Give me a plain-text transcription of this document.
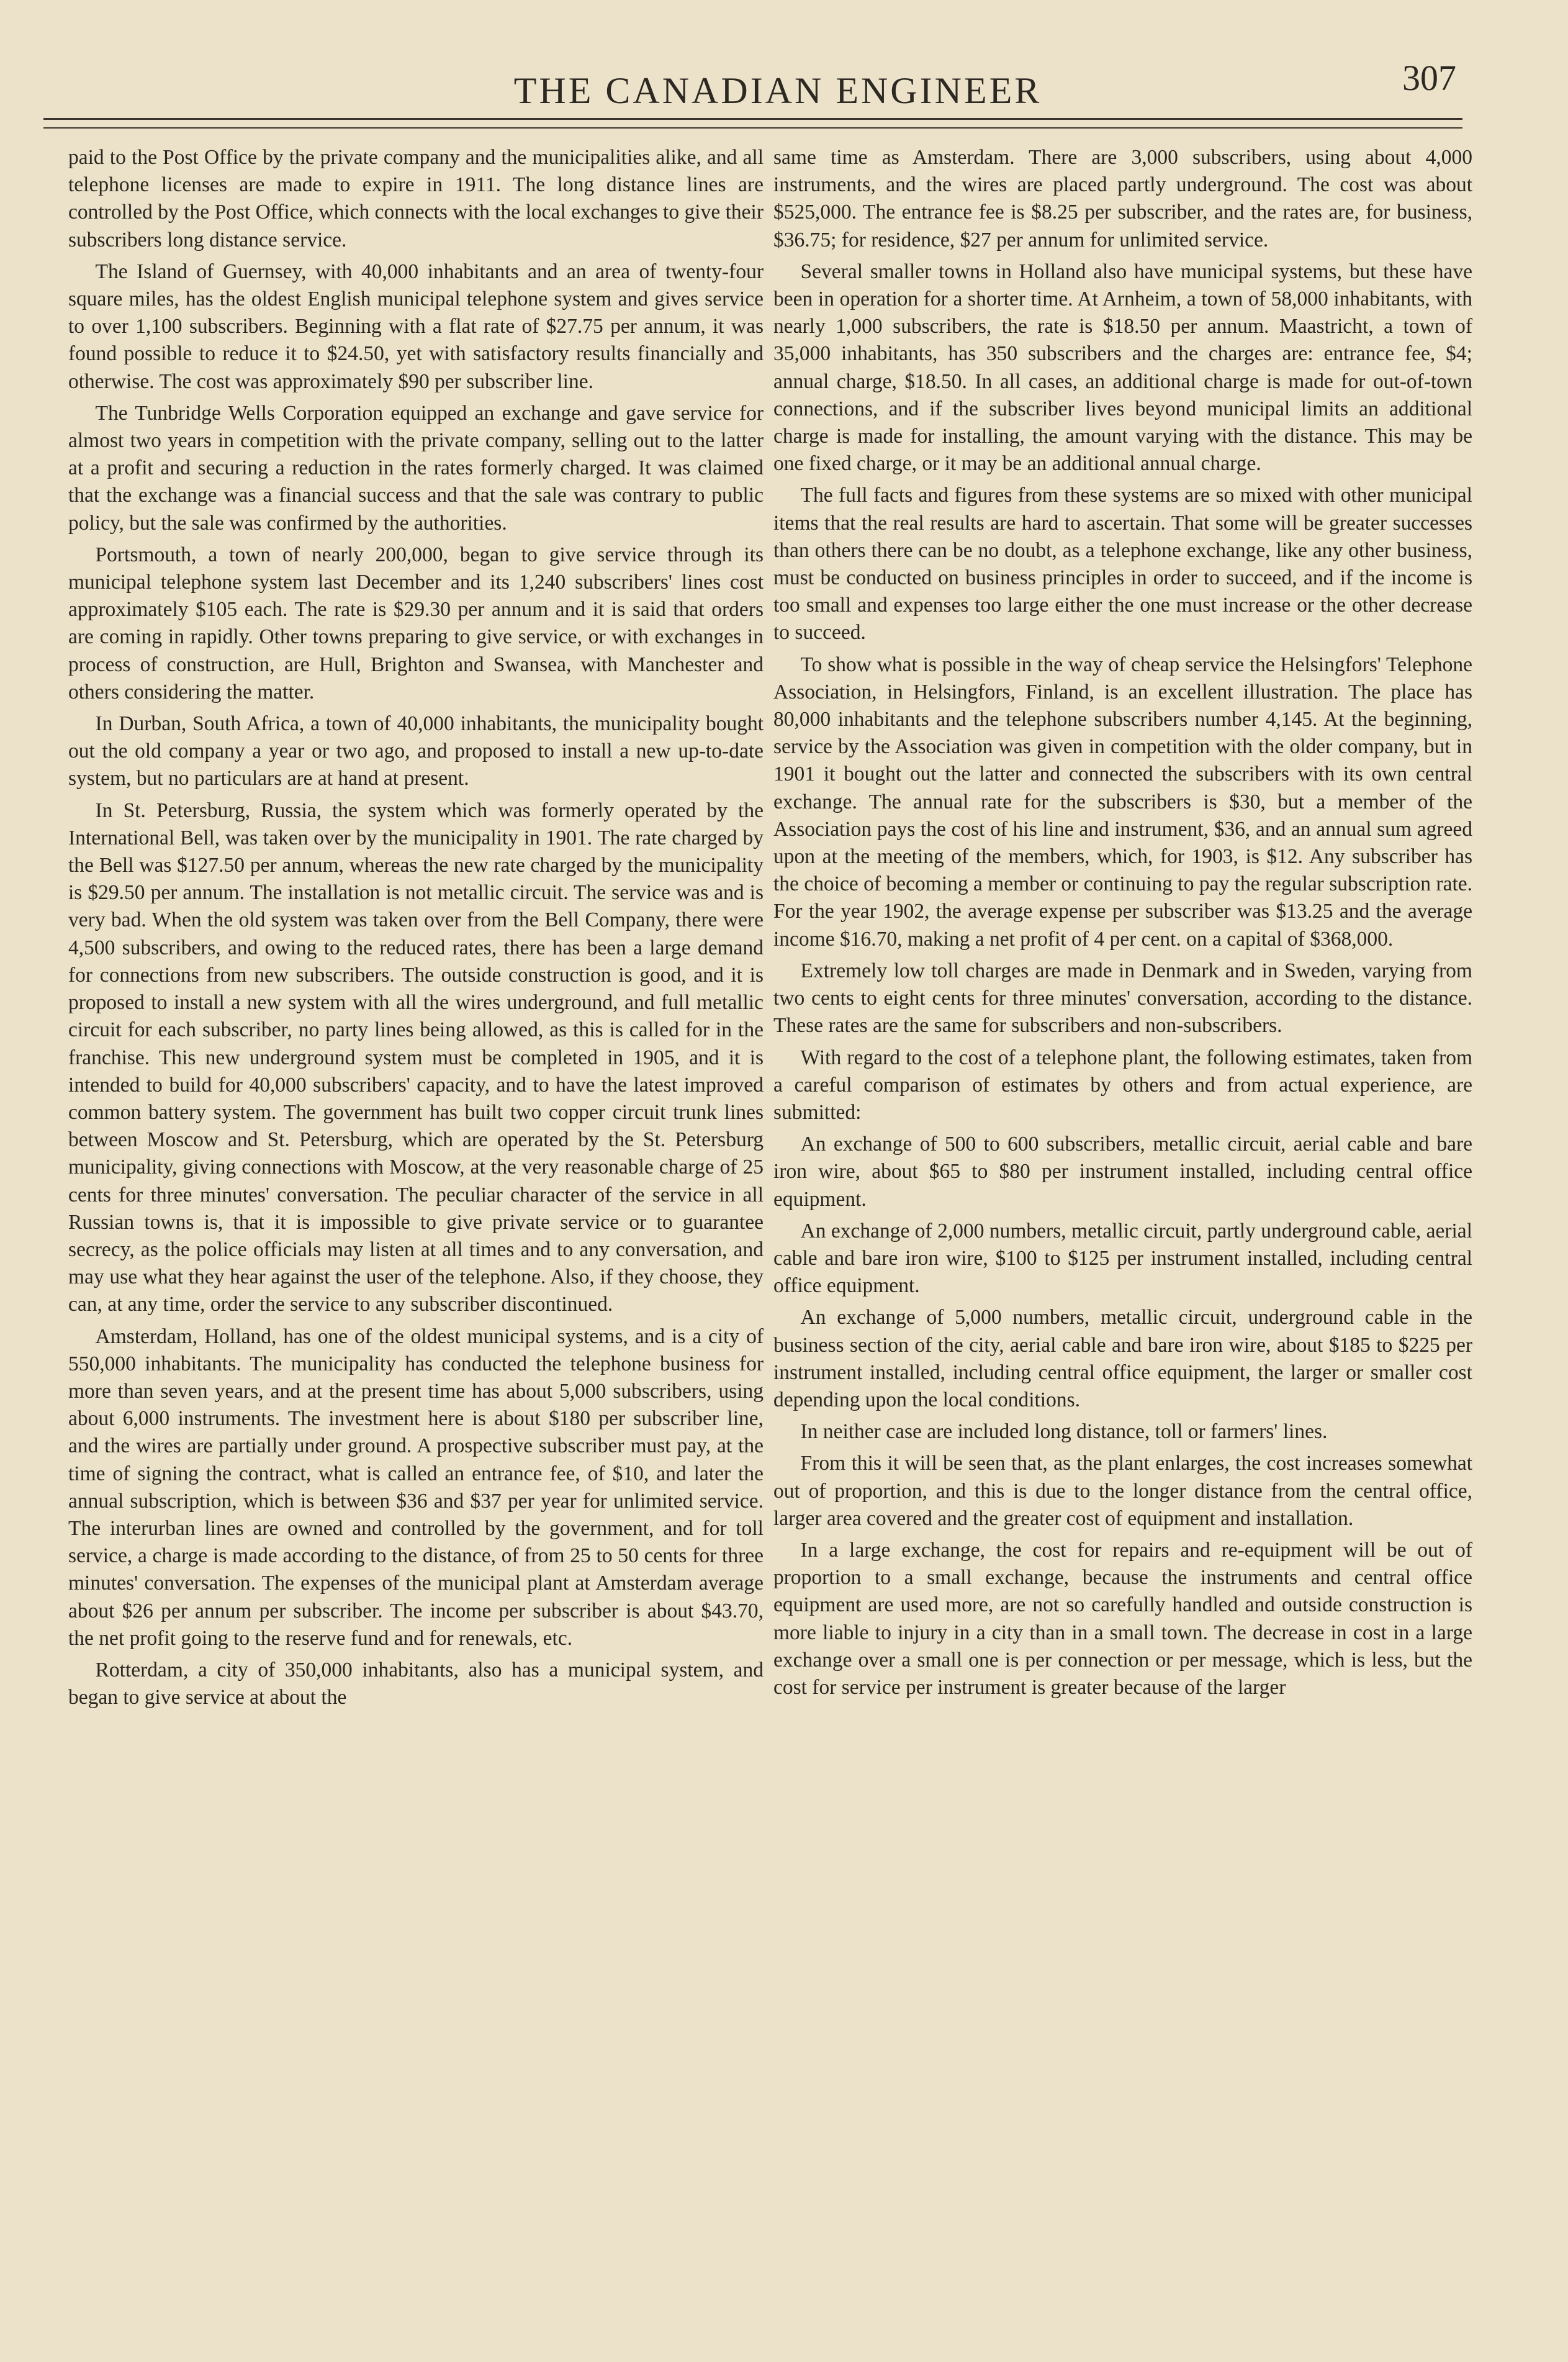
THE CANADIAN ENGINEER	307

paid to the Post Office by the private company and the municipalities alike, and all telephone licenses are made to expire in 1911. The long distance lines are controlled by the Post Office, which connects with the local exchanges to give their subscribers long distance service.

The Island of Guernsey, with 40,000 inhabitants and an area of twenty-four square miles, has the oldest English municipal telephone system and gives service to over 1,100 subscribers. Beginning with a flat rate of $27.75 per annum, it was found possible to reduce it to $24.50, yet with satisfactory results financially and otherwise. The cost was approximately $90 per subscriber line.

The Tunbridge Wells Corporation equipped an exchange and gave service for almost two years in competition with the private company, selling out to the latter at a profit and securing a reduction in the rates formerly charged. It was claimed that the exchange was a financial success and that the sale was contrary to public policy, but the sale was confirmed by the authorities.

Portsmouth, a town of nearly 200,000, began to give service through its municipal telephone system last December and its 1,240 subscribers' lines cost approximately $105 each. The rate is $29.30 per annum and it is said that orders are coming in rapidly. Other towns preparing to give service, or with exchanges in process of construction, are Hull, Brighton and Swansea, with Manchester and others considering the matter.

In Durban, South Africa, a town of 40,000 inhabitants, the municipality bought out the old company a year or two ago, and proposed to install a new up-to-date system, but no particulars are at hand at present.

In St. Petersburg, Russia, the system which was formerly operated by the International Bell, was taken over by the municipality in 1901. The rate charged by the Bell was $127.50 per annum, whereas the new rate charged by the municipality is $29.50 per annum. The installation is not metallic circuit. The service was and is very bad. When the old system was taken over from the Bell Company, there were 4,500 subscribers, and owing to the reduced rates, there has been a large demand for connections from new subscribers. The outside construction is good, and it is proposed to install a new system with all the wires underground, and full metallic circuit for each subscriber, no party lines being allowed, as this is called for in the franchise. This new underground system must be completed in 1905, and it is intended to build for 40,000 subscribers' capacity, and to have the latest improved common battery system. The government has built two copper circuit trunk lines between Moscow and St. Petersburg, which are operated by the St. Petersburg municipality, giving connections with Moscow, at the very reasonable charge of 25 cents for three minutes' conversation. The peculiar character of the service in all Russian towns is, that it is impossible to give private service or to guarantee secrecy, as the police officials may listen at all times and to any conversation, and may use what they hear against the user of the telephone. Also, if they choose, they can, at any time, order the service to any subscriber discontinued.

Amsterdam, Holland, has one of the oldest municipal systems, and is a city of 550,000 inhabitants. The municipality has conducted the telephone business for more than seven years, and at the present time has about 5,000 subscribers, using about 6,000 instruments. The investment here is about $180 per subscriber line, and the wires are partially under ground. A prospective subscriber must pay, at the time of signing the contract, what is called an entrance fee, of $10, and later the annual subscription, which is between $36 and $37 per year for unlimited service. The interurban lines are owned and controlled by the government, and for toll service, a charge is made according to the distance, of from 25 to 50 cents for three minutes' conversation. The expenses of the municipal plant at Amsterdam average about $26 per annum per subscriber. The income per subscriber is about $43.70, the net profit going to the reserve fund and for renewals, etc.

Rotterdam, a city of 350,000 inhabitants, also has a municipal system, and began to give service at about the

same time as Amsterdam. There are 3,000 subscribers, using about 4,000 instruments, and the wires are placed partly underground. The cost was about $525,000. The entrance fee is $8.25 per subscriber, and the rates are, for business, $36.75; for residence, $27 per annum for unlimited service.

Several smaller towns in Holland also have municipal systems, but these have been in operation for a shorter time. At Arnheim, a town of 58,000 inhabitants, with nearly 1,000 subscribers, the rate is $18.50 per annum. Maastricht, a town of 35,000 inhabitants, has 350 subscribers and the charges are: entrance fee, $4; annual charge, $18.50. In all cases, an additional charge is made for out-of-town connections, and if the subscriber lives beyond municipal limits an additional charge is made for installing, the amount varying with the distance. This may be one fixed charge, or it may be an additional annual charge.

The full facts and figures from these systems are so mixed with other municipal items that the real results are hard to ascertain. That some will be greater successes than others there can be no doubt, as a telephone exchange, like any other business, must be conducted on business principles in order to succeed, and if the income is too small and expenses too large either the one must increase or the other decrease to succeed.

To show what is possible in the way of cheap service the Helsingfors' Telephone Association, in Helsingfors, Finland, is an excellent illustration. The place has 80,000 inhabitants and the telephone subscribers number 4,145. At the beginning, service by the Association was given in competition with the older company, but in 1901 it bought out the latter and connected the subscribers with its own central exchange. The annual rate for the subscribers is $30, but a member of the Association pays the cost of his line and instrument, $36, and an annual sum agreed upon at the meeting of the members, which, for 1903, is $12. Any subscriber has the choice of becoming a member or continuing to pay the regular subscription rate. For the year 1902, the average expense per subscriber was $13.25 and the average income $16.70, making a net profit of 4 per cent. on a capital of $368,000.

Extremely low toll charges are made in Denmark and in Sweden, varying from two cents to eight cents for three minutes' conversation, according to the distance. These rates are the same for subscribers and non-subscribers.

With regard to the cost of a telephone plant, the following estimates, taken from a careful comparison of estimates by others and from actual experience, are submitted:

An exchange of 500 to 600 subscribers, metallic circuit, aerial cable and bare iron wire, about $65 to $80 per instrument installed, including central office equipment.

An exchange of 2,000 numbers, metallic circuit, partly underground cable, aerial cable and bare iron wire, $100 to $125 per instrument installed, including central office equipment.

An exchange of 5,000 numbers, metallic circuit, underground cable in the business section of the city, aerial cable and bare iron wire, about $185 to $225 per instrument installed, including central office equipment, the larger or smaller cost depending upon the local conditions.

In neither case are included long distance, toll or farmers' lines.

From this it will be seen that, as the plant enlarges, the cost increases somewhat out of proportion, and this is due to the longer distance from the central office, larger area covered and the greater cost of equipment and installation.

In a large exchange, the cost for repairs and re-equipment will be out of proportion to a small exchange, because the instruments and central office equipment are used more, are not so carefully handled and outside construction is more liable to injury in a city than in a small town. The decrease in cost in a large exchange over a small one is per connection or per message, which is less, but the cost for service per instrument is greater because of the larger
